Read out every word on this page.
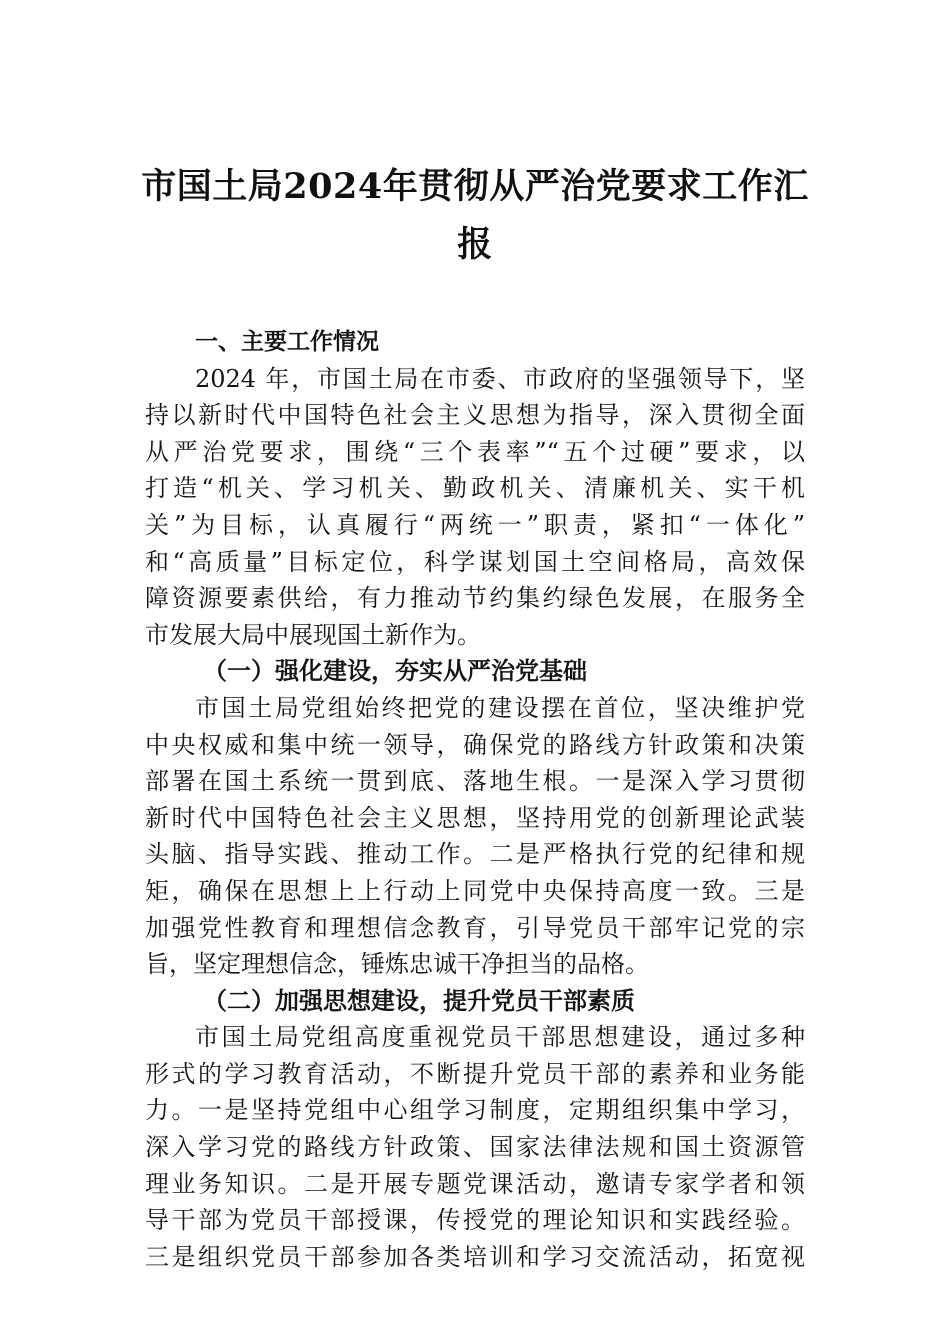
市国土局2024年贯彻从严治党要求工作汇
报
一、主要工作情况
2024 年，市国土局在市委、市政府的坚强领导下，坚
持以新时代中国特色社会主义思想为指导，深入贯彻全面
从严治党要求，围绕“三个表率”“五个过硬”要求，以
打造“机关、学习机关、勤政机关、清廉机关、实干机
关”为目标，认真履行“两统一”职责，紧扣“一体化”
和“高质量”目标定位，科学谋划国土空间格局，高效保
障资源要素供给，有力推动节约集约绿色发展，在服务全
市发展大局中展现国土新作为。
（一）强化建设，夯实从严治党基础
市国土局党组始终把党的建设摆在首位，坚决维护党
中央权威和集中统一领导，确保党的路线方针政策和决策
部署在国土系统一贯到底、落地生根。一是深入学习贯彻
新时代中国特色社会主义思想，坚持用党的创新理论武装
头脑、指导实践、推动工作。二是严格执行党的纪律和规
矩，确保在思想上上行动上同党中央保持高度一致。三是
加强党性教育和理想信念教育，引导党员干部牢记党的宗
旨，坚定理想信念，锤炼忠诚干净担当的品格。
（二）加强思想建设，提升党员干部素质
市国土局党组高度重视党员干部思想建设，通过多种
形式的学习教育活动，不断提升党员干部的素养和业务能
力。一是坚持党组中心组学习制度，定期组织集中学习，
深入学习党的路线方针政策、国家法律法规和国土资源管
理业务知识。二是开展专题党课活动，邀请专家学者和领
导干部为党员干部授课，传授党的理论知识和实践经验。
三是组织党员干部参加各类培训和学习交流活动，拓宽视
